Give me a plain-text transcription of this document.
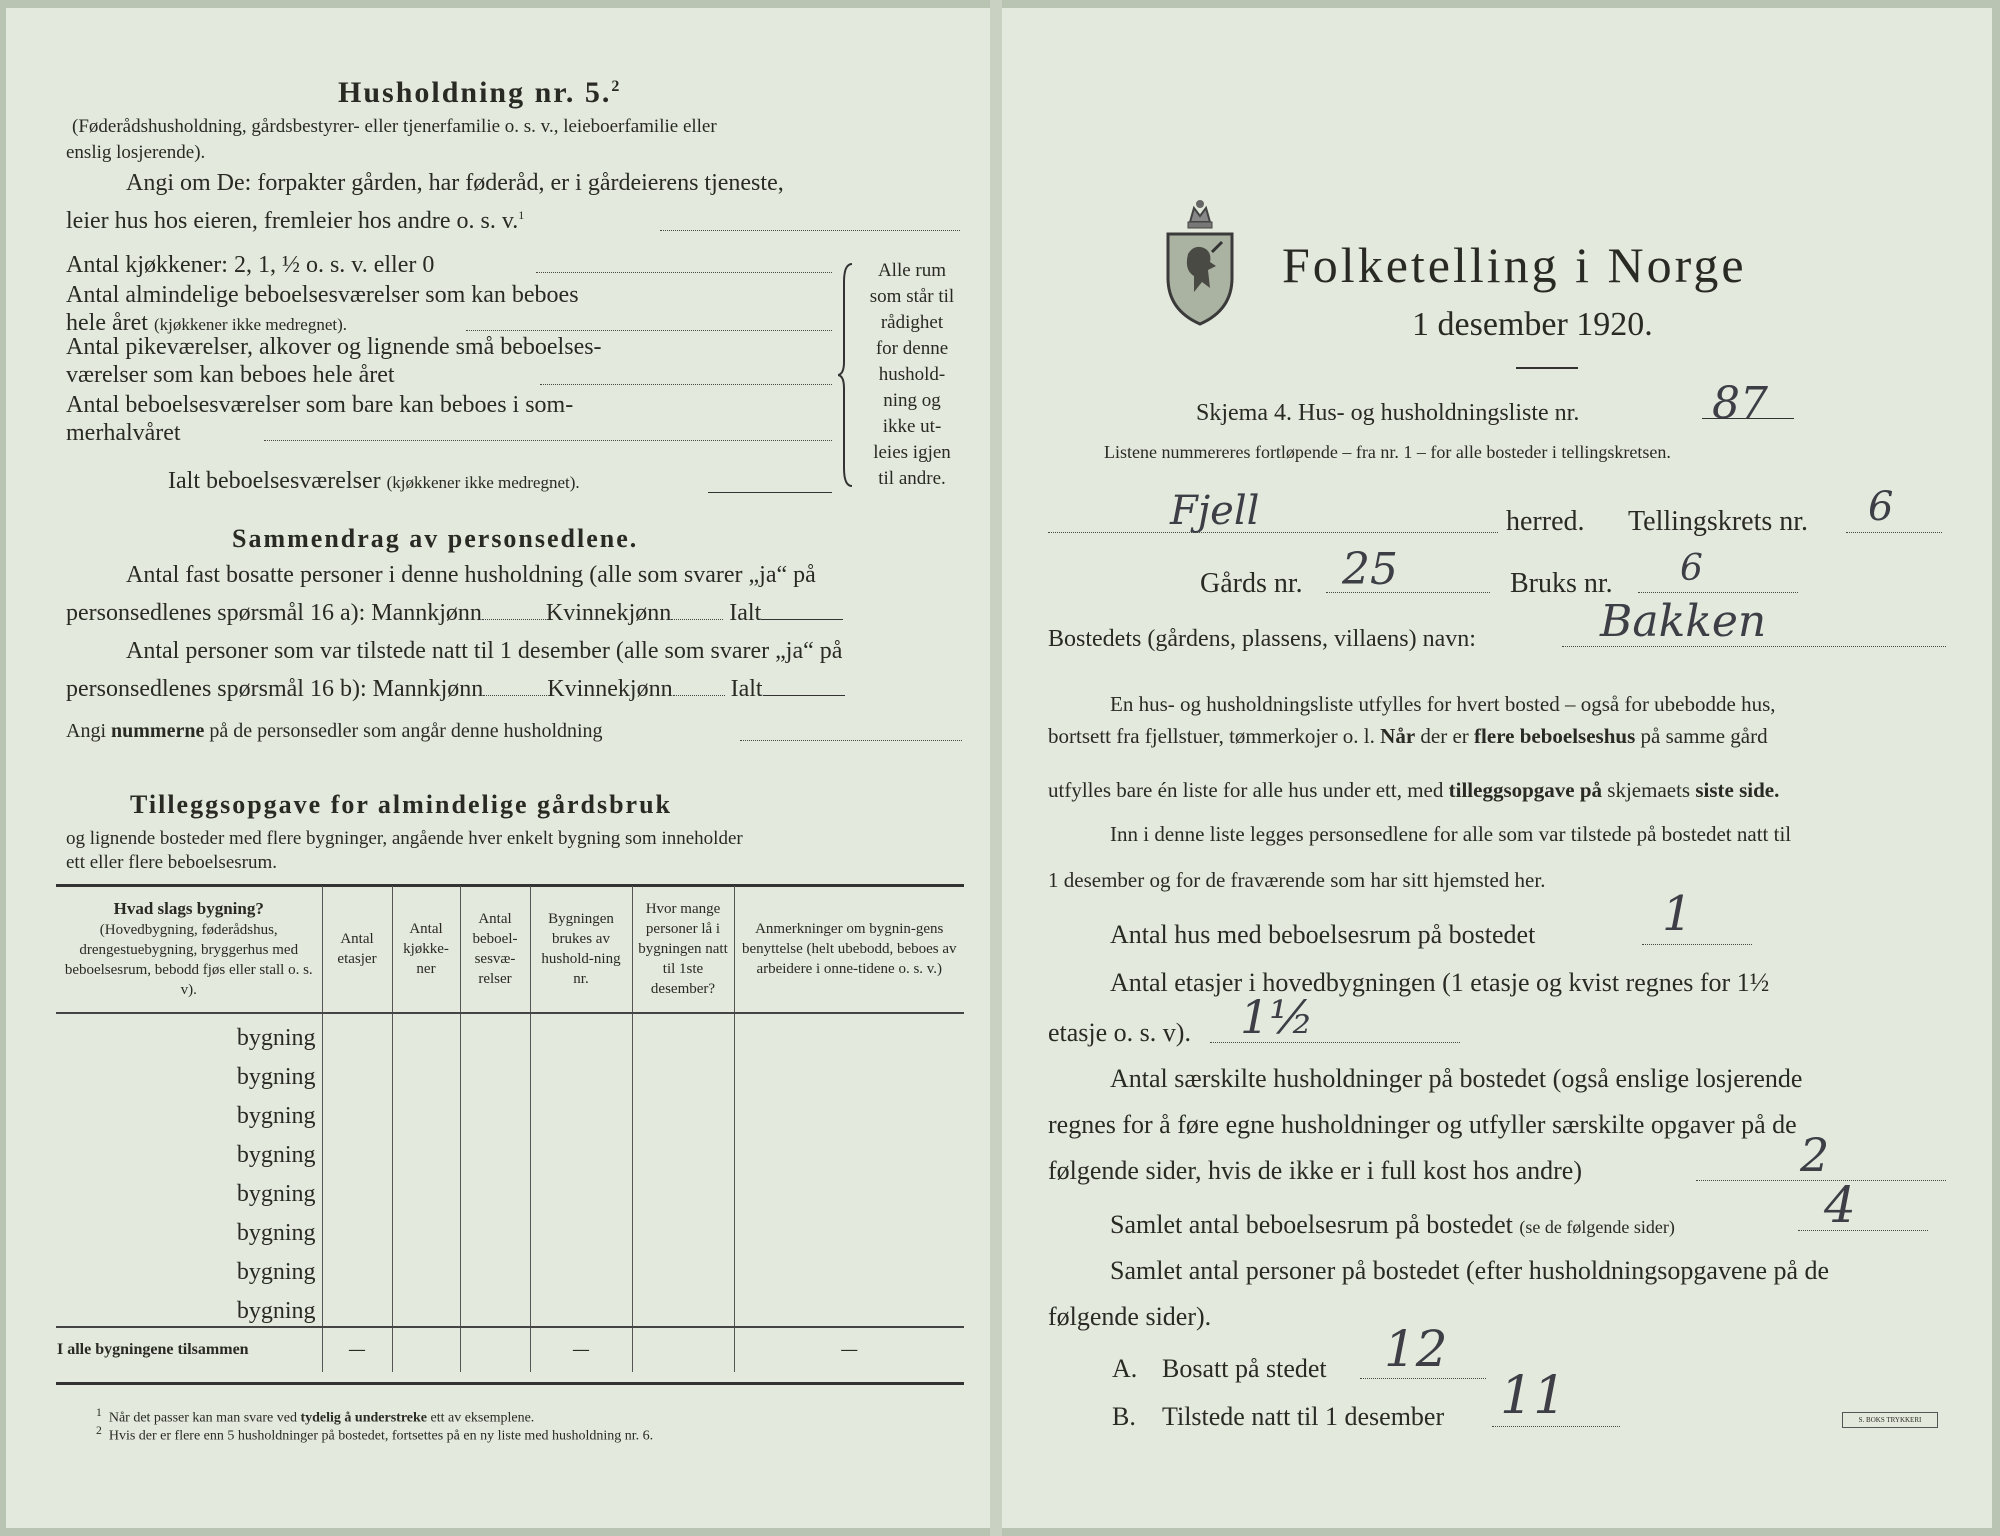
Husholdning nr. 5.$^2$
(Føderådshusholdning, gårdsbestyrer- eller tjenerfamilie o. s. v., leieboerfamilie eller
enslig losjerende).
Angi om De: forpakter gården, har føderåd, er i gårdeierens tjeneste,
leier hus hos eieren, fremleier hos andre o. s. v.$^1$
Antal kjøkkener: 2, 1, ½ o. s. v. eller 0
Antal almindelige beboelsesværelser som kan beboes
hele året (kjøkkener ikke medregnet).
Antal pikeværelser, alkover og lignende små beboelses-
værelser som kan beboes hele året
Antal beboelsesværelser som bare kan beboes i som-
merhalvåret
Ialt beboelsesværelser (kjøkkener ikke medregnet).
Alle rum
som står til
rådighet
for denne
hushold-
ning og
ikke ut-
leies igjen
til andre.
Sammendrag av personsedlene.
Antal fast bosatte personer i denne husholdning (alle som svarer „ja“ på
personsedlenes spørsmål 16 a): Mannkjønn	Kvinnekjønn Ialt
Antal personer som var tilstede natt til 1 desember (alle som svarer „ja“ på
personsedlenes spørsmål 16 b): Mannkjønn	Kvinnekjønn Ialt
Angi nummerne på de personsedler som angår denne husholdning
Tilleggsopgave for almindelige gårdsbruk
og lignende bosteder med flere bygninger, angående hver enkelt bygning som inneholder
ett eller flere beboelsesrum.
Hvad slags bygning?
(Hovedbygning, føderådshus, drengestuebygning, bryggerhus med beboelsesrum, bebodd fjøs eller stall o. s. v).	Antal etasjer	Antal kjøkke-ner	Antal beboel-sesvæ-relser	Bygningen brukes av hushold-ning nr.	Hvor mange personer lå i bygningen natt til 1ste desember?	Anmerkninger om bygnin-gens benyttelse (helt ubebodd, beboes av arbeidere i onne-tidene o. s. v.)
bygning						
bygning						
bygning						
bygning						
bygning						
bygning						
bygning						
bygning						
I alle bygningene tilsammen	—			—		—
$^1$ Når det passer kan man svare ved tydelig å understreke ett av eksemplene.
$^2$ Hvis der er flere enn 5 husholdninger på bostedet, fortsettes på en ny liste med husholdning nr. 6.
Folketelling i Norge
1 desember 1920.
Skjema 4. Hus- og husholdningsliste nr.	87
Listene nummereres fortløpende – fra nr. 1 – for alle bosteder i tellingskretsen.
Fjell	herred. Tellingskrets nr. 6
Gårds nr. 25	Bruks nr. 6
Bostedets (gårdens, plassens, villaens) navn:	Bakken
En hus- og husholdningsliste utfylles for hvert bosted – også for ubebodde hus,
bortsett fra fjellstuer, tømmerkojer o. l. Når der er flere beboelseshus på samme gård
utfylles bare én liste for alle hus under ett, med tilleggsopgave på skjemaets siste side.
Inn i denne liste legges personsedlene for alle som var tilstede på bostedet natt til
1 desember og for de fraværende som har sitt hjemsted her.
Antal hus med beboelsesrum på bostedet	1
Antal etasjer i hovedbygningen (1 etasje og kvist regnes for 1½
etasje o. s. v). 1½
Antal særskilte husholdninger på bostedet (også enslige losjerende
regnes for å føre egne husholdninger og utfyller særskilte opgaver på de
følgende sider, hvis de ikke er i full kost hos andre)	2
Samlet antal beboelsesrum på bostedet (se de følgende sider)	4
Samlet antal personer på bostedet (efter husholdningsopgavene på de
følgende sider).
A. Bosatt på stedet 12
B. Tilstede natt til 1 desember 11	S. BOKS TRYKKERI
